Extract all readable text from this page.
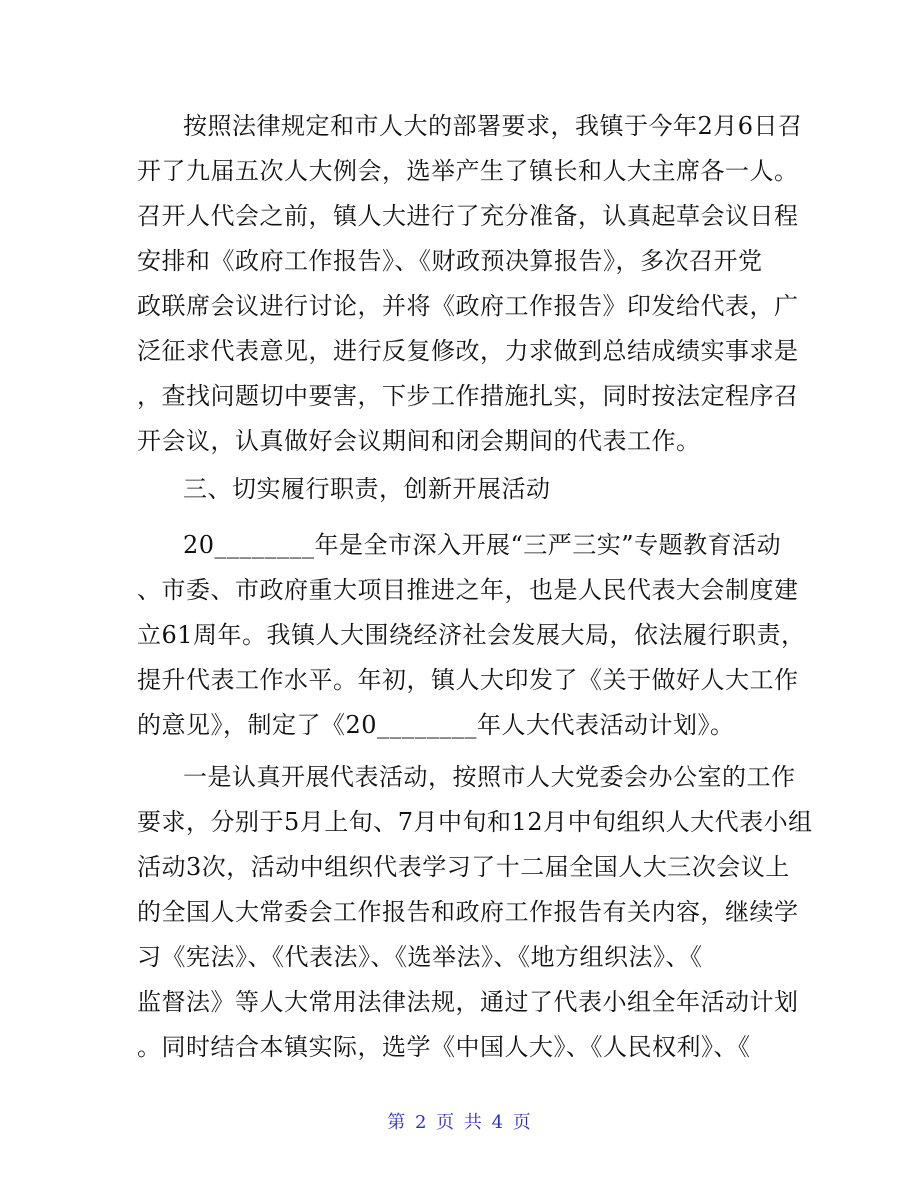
按照法律规定和市人大的部署要求，我镇于今年2月6日召
开了九届五次人大例会，选举产生了镇长和人大主席各一人。
召开人代会之前，镇人大进行了充分准备，认真起草会议日程
安排和《政府工作报告》、《财政预决算报告》，多次召开党
政联席会议进行讨论，并将《政府工作报告》印发给代表，广
泛征求代表意见，进行反复修改，力求做到总结成绩实事求是
，查找问题切中要害，下步工作措施扎实，同时按法定程序召
开会议，认真做好会议期间和闭会期间的代表工作。
三、切实履行职责，创新开展活动
20________年是全市深入开展“三严三实”专题教育活动
、市委、市政府重大项目推进之年，也是人民代表大会制度建
立61周年。我镇人大围绕经济社会发展大局，依法履行职责，
提升代表工作水平。年初，镇人大印发了《关于做好人大工作
的意见》，制定了《20________年人大代表活动计划》。
一是认真开展代表活动，按照市人大党委会办公室的工作
要求，分别于5月上旬、7月中旬和12月中旬组织人大代表小组
活动3次，活动中组织代表学习了十二届全国人大三次会议上
的全国人大常委会工作报告和政府工作报告有关内容，继续学
习《宪法》、《代表法》、《选举法》、《地方组织法》、《
监督法》等人大常用法律法规，通过了代表小组全年活动计划
。同时结合本镇实际，选学《中国人大》、《人民权利》、《
第 2 页 共 4 页
